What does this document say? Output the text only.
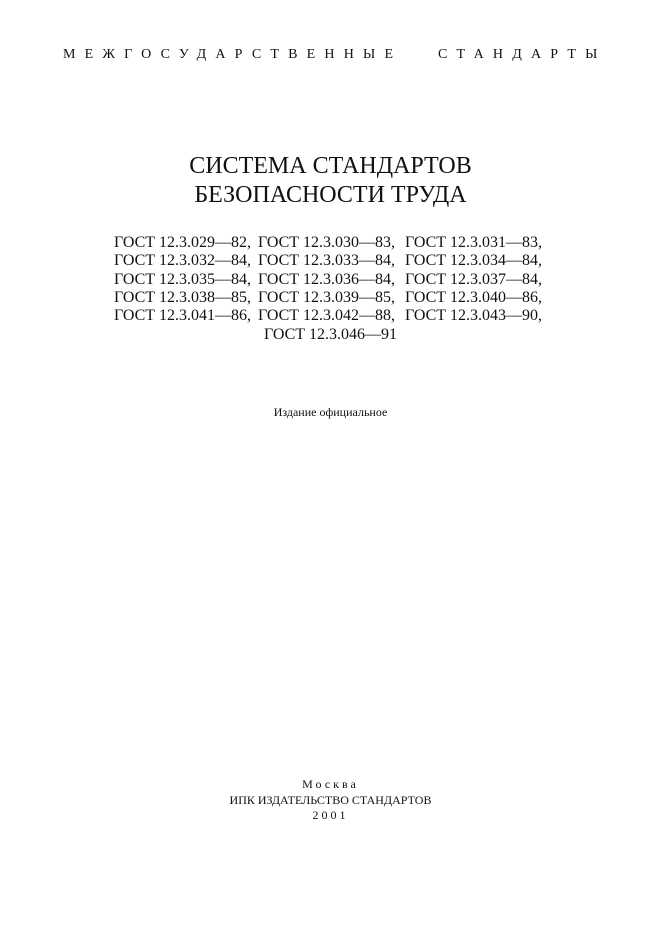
МЕЖГОСУДАРСТВЕННЫЕ	СТАНДАРТЫ
СИСТЕМА СТАНДАРТОВ
БЕЗОПАСНОСТИ ТРУДА
ГОСТ 12.3.029—82,	ГОСТ 12.3.030—83,	ГОСТ 12.3.031—83,
ГОСТ 12.3.032—84,	ГОСТ 12.3.033—84,	ГОСТ 12.3.034—84,
ГОСТ 12.3.035—84,	ГОСТ 12.3.036—84,	ГОСТ 12.3.037—84,
ГОСТ 12.3.038—85,	ГОСТ 12.3.039—85,	ГОСТ 12.3.040—86,
ГОСТ 12.3.041—86,	ГОСТ 12.3.042—88,	ГОСТ 12.3.043—90,
ГОСТ 12.3.046—91
Издание официальное
Москва
ИПК ИЗДАТЕЛЬСТВО СТАНДАРТОВ
2001
